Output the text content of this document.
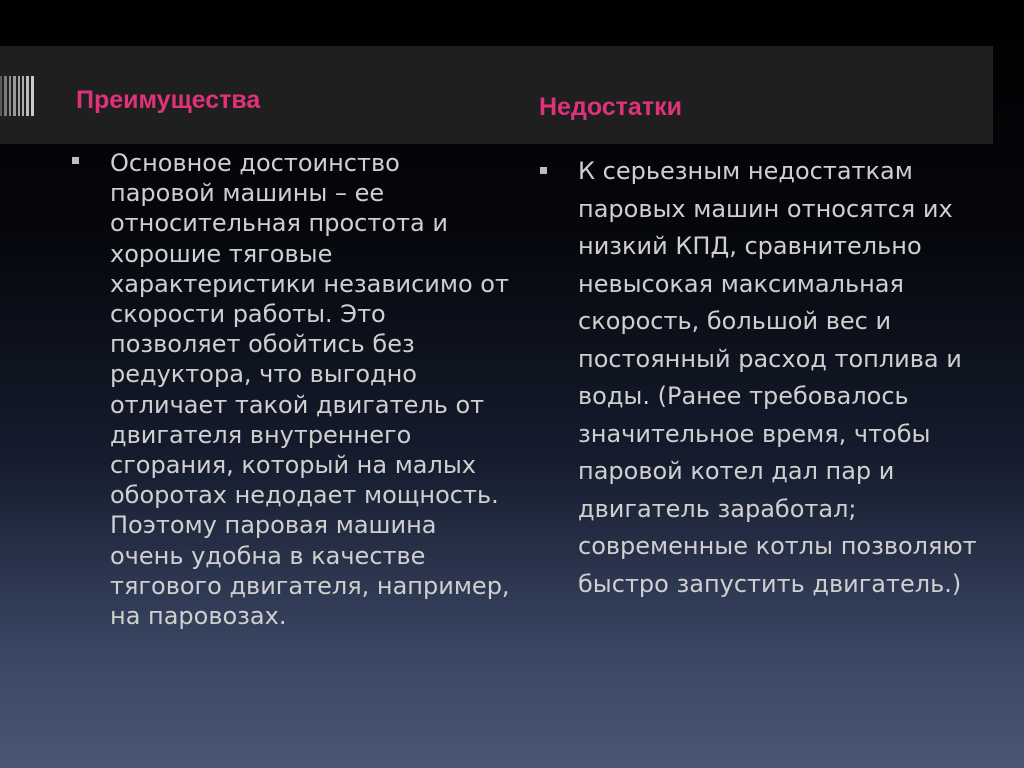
Преимущества	Недостатки

Основное достоинство паровой машины – ее относительная простота и хорошие тяговые характеристики независимо от скорости работы. Это позволяет обойтись без редуктора, что выгодно отличает такой двигатель от двигателя внутреннего сгорания, который на малых оборотах недодает мощность. Поэтому паровая машина очень удобна в качестве тягового двигателя, например, на паровозах.

К серьезным недостаткам паровых машин относятся их низкий КПД, сравнительно невысокая максимальная скорость, большой вес и постоянный расход топлива и воды. (Ранее требовалось значительное время, чтобы паровой котел дал пар и двигатель заработал; современные котлы позволяют быстро запустить двигатель.)
